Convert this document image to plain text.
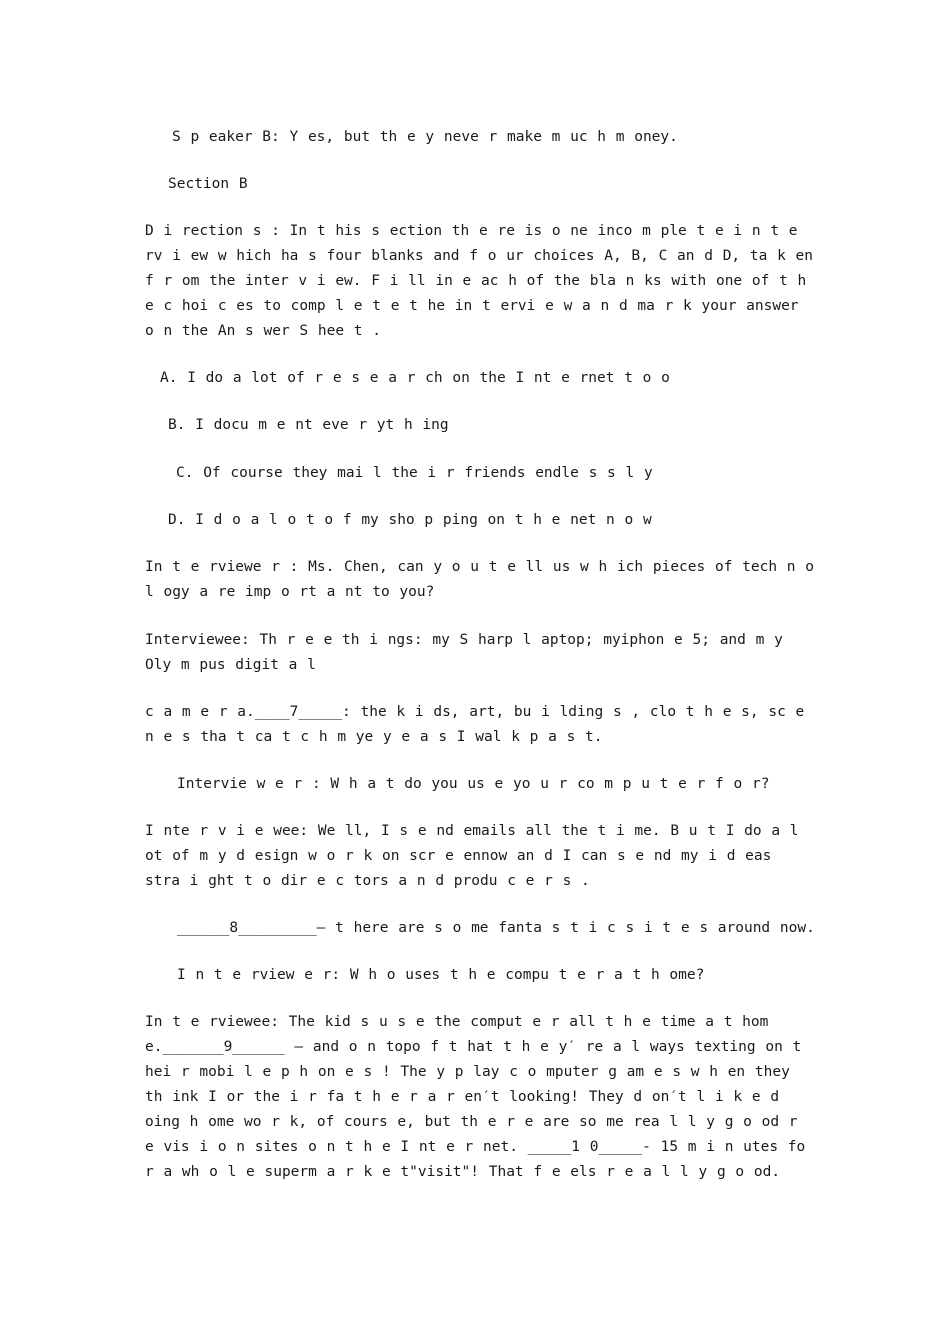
S p eaker B: Y es, but th e y neve r make m uc h m oney.

Section B

D i rection s : In t his s ection th e re is o ne inco m ple t e i n t e rv i ew w hich ha s four blanks and f o ur choices A, B, C an d D, ta k en f r om the inter v i ew. F i ll in e ac h of the bla n ks with one of t h e c hoi c es to comp l e t e t he in t ervi e w a n d ma r k your answer o n the An s wer S hee t .

A. I do a lot of r e s e a r ch on the I nt e rnet t o o

B. I docu m e nt eve r yt h ing

C. Of course they mai l the i r friends endle s s l y

D. I d o a l o t o f my sho p ping on t h e net n o w

In t e rviewe r : Ms. Chen, can y o u t e ll us w h ich pieces of tech n o l ogy a re imp o rt a nt to you?

Interviewee: Th r e e th i ngs: my S harp l aptop; myiphon e 5; and m y Oly m pus digit a l

c a m e r a.____7_____: the k i ds, art, bu i lding s , clo t h e s, sc e n e s tha t ca t c h m ye y e a s I wal k p a s t.

Intervie w e r : W h a t do you us e yo u r co m p u t e r f o r?

I nte r v i e wee: We ll, I s e nd emails all the t i me. B u t I do a l ot of m y d esign w o r k on scr e ennow an d I can s e nd my i d eas stra i ght t o dir e c tors a n d produ c e r s .

______8_________— t here are s o me fanta s t i c s i t e s around now.

I n t e rview e r: W h o uses t h e compu t e r a t h ome?

In t e rviewee: The kid s u s e the comput e r all t h e time a t hom e._______9______ — and o n topo f t hat t h e y′ re a l ways texting on t hei r mobi l e p h on e s ! The y p lay c o mputer g am e s w h en they th ink I or the i r fa t h e r a r en′t looking! They d on′t l i k e d oing h ome wo r k, of cours e, but th e r e are so me rea l l y g o od r e vis i o n sites o n t h e I nt e r net. _____1 0_____- 15 m i n utes fo r a wh o l e superm a r k e t"visit"! That f e els r e a l l y g o od.
